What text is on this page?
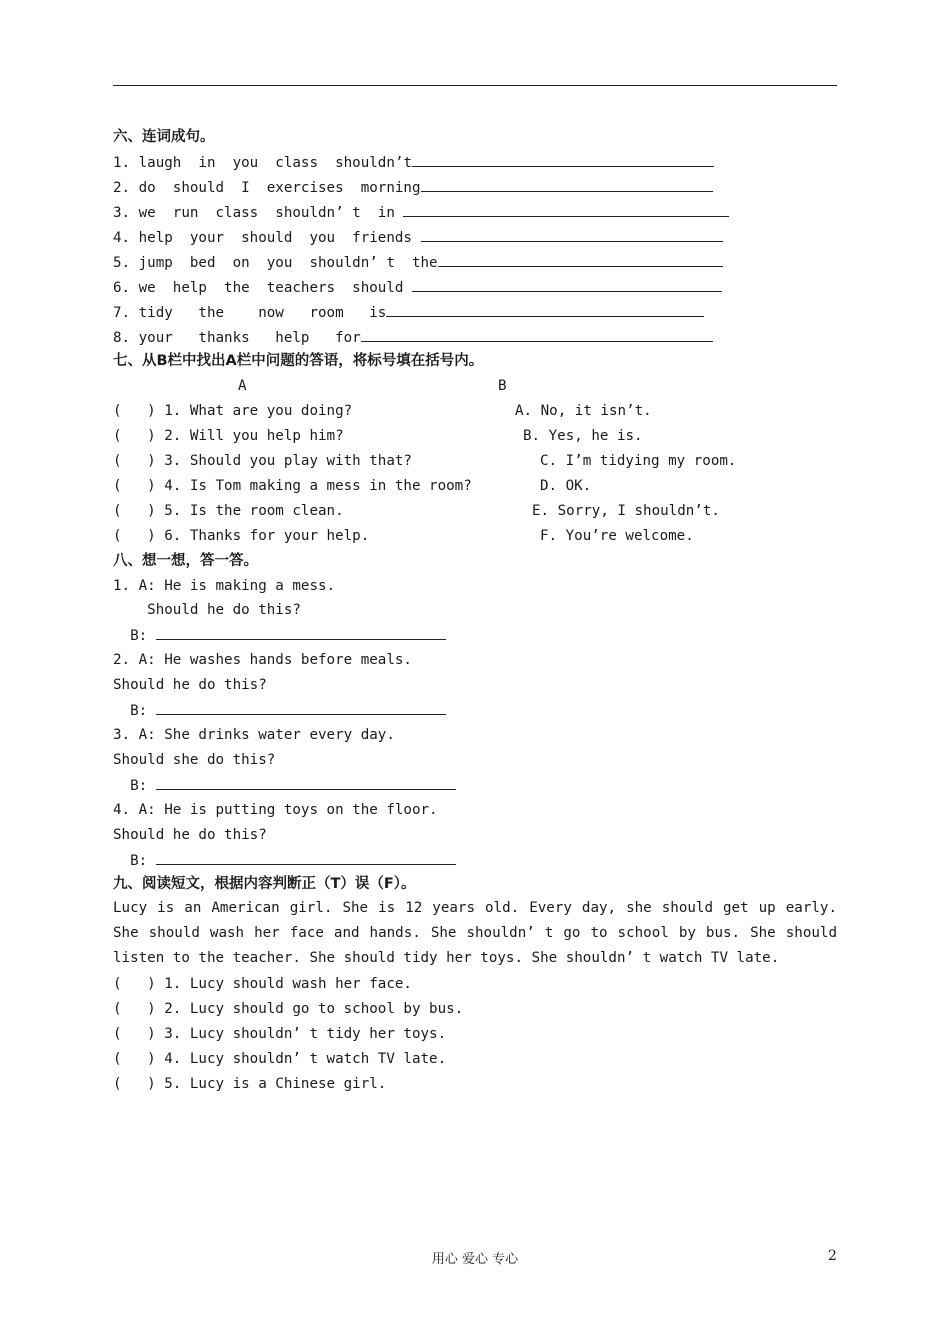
六、连词成句。
1. laugh  in  you  class  shouldn’t
2. do  should  I  exercises  morning
3. we  run  class  shouldn’ t  in
4. help  your  should  you  friends
5. jump  bed  on  you  shouldn’ t  the
6. we  help  the  teachers  should
7. tidy   the    now   room   is
8. your   thanks   help   for
七、从B栏中找出A栏中问题的答语，将标号填在括号内。
A	B
(   ) 1. What are you doing?
(   ) 2. Will you help him?
(   ) 3. Should you play with that?
(   ) 4. Is Tom making a mess in the room?
(   ) 5. Is the room clean.
(   ) 6. Thanks for your help.
A. No, it isn’t.
B. Yes, he is.
C. I’m tidying my room.
D. OK.
E. Sorry, I shouldn’t.
F. You’re welcome.
八、想一想，答一答。
1. A: He is making a mess.
Should he do this?
B:
2. A: He washes hands before meals.
Should he do this?
B:
3. A: She drinks water every day.
Should she do this?
B:
4. A: He is putting toys on the floor.
Should he do this?
B:
九、阅读短文，根据内容判断正（T）误（F）。
Lucy is an American girl. She is 12 years old. Every day, she should get up early. She should wash her face and hands. She shouldn’ t go to school by bus. She should listen to the teacher. She should tidy her toys. She shouldn’ t watch TV late.
(   ) 1. Lucy should wash her face.
(   ) 2. Lucy should go to school by bus.
(   ) 3. Lucy shouldn’ t tidy her toys.
(   ) 4. Lucy shouldn’ t watch TV late.
(   ) 5. Lucy is a Chinese girl.
用心 爱心 专心	2
